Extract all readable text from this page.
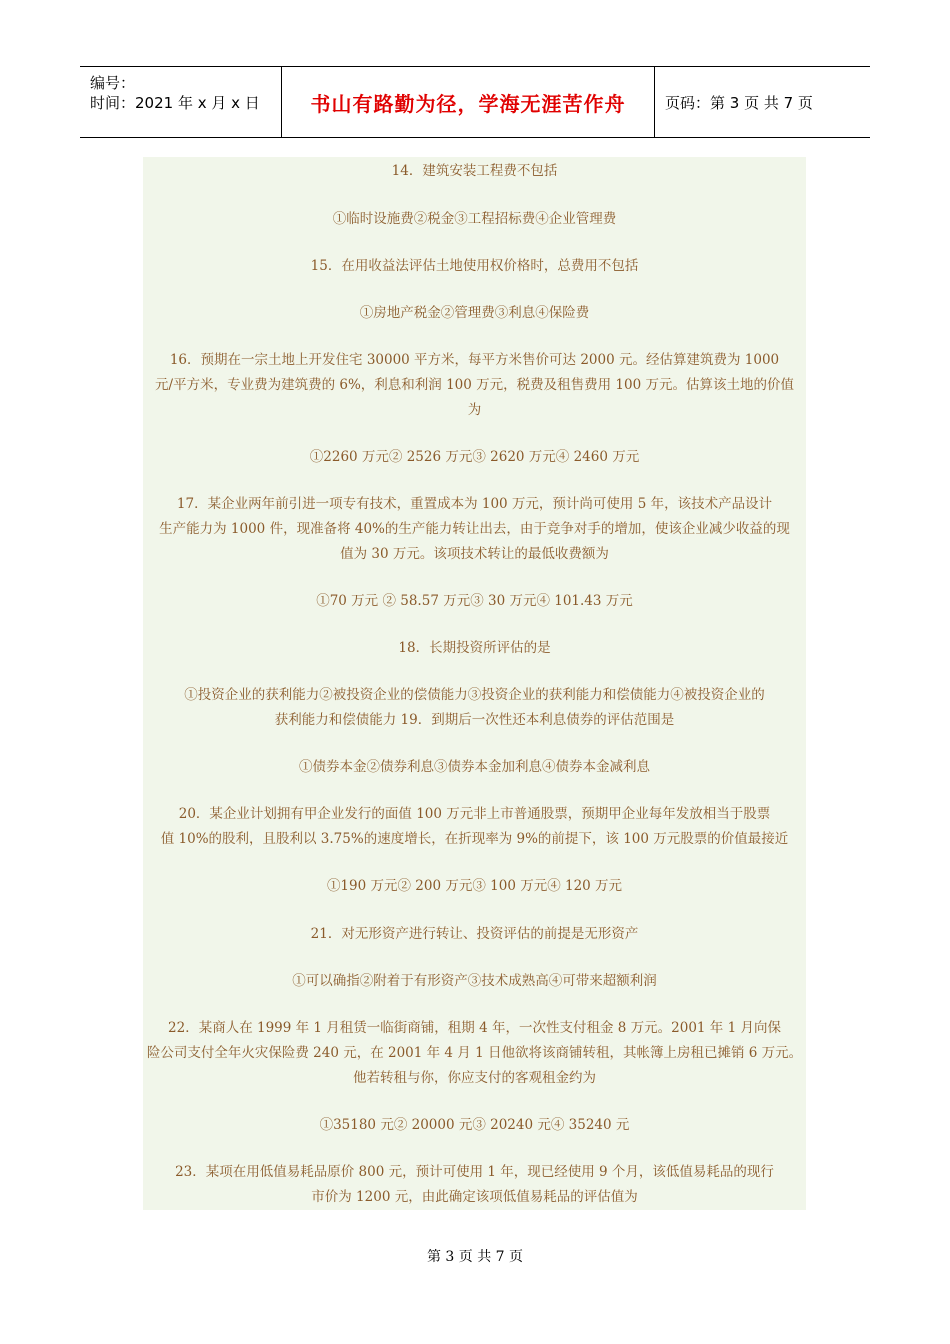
编号：
时间：2021 年 x 月 x 日	书山有路勤为径，学海无涯苦作舟	页码：第 3 页 共 7 页
14．建筑安装工程费不包括
①临时设施费②税金③工程招标费④企业管理费
15．在用收益法评估土地使用权价格时，总费用不包括
①房地产税金②管理费③利息④保险费
16．预期在一宗土地上开发住宅 30000 平方米，每平方米售价可达 2000 元。经估算建筑费为 1000
元/平方米，专业费为建筑费的 6%，利息和利润 100 万元，税费及租售费用 100 万元。估算该土地的价值
为
①2260 万元② 2526 万元③ 2620 万元④ 2460 万元
17．某企业两年前引进一项专有技术，重置成本为 100 万元，预计尚可使用 5 年，该技术产品设计
生产能力为 1000 件，现准备将 40%的生产能力转让出去，由于竞争对手的增加，使该企业减少收益的现
值为 30 万元。该项技术转让的最低收费额为
①70 万元 ② 58.57 万元③ 30 万元④ 101.43 万元
18．长期投资所评估的是
①投资企业的获利能力②被投资企业的偿债能力③投资企业的获利能力和偿债能力④被投资企业的
获利能力和偿债能力 19．到期后一次性还本利息债券的评估范围是
①债券本金②债券利息③债券本金加利息④债券本金减利息
20．某企业计划拥有甲企业发行的面值 100 万元非上市普通股票，预期甲企业每年发放相当于股票
值 10%的股利，且股利以 3.75%的速度增长，在折现率为 9%的前提下，该 100 万元股票的价值最接近
①190 万元② 200 万元③ 100 万元④ 120 万元
21．对无形资产进行转让、投资评估的前提是无形资产
①可以确指②附着于有形资产③技术成熟高④可带来超额利润
22．某商人在 1999 年 1 月租赁一临街商铺，租期 4 年，一次性支付租金 8 万元。2001 年 1 月向保
险公司支付全年火灾保险费 240 元，在 2001 年 4 月 1 日他欲将该商铺转租，其帐簿上房租已摊销 6 万元。
他若转租与你，你应支付的客观租金约为
①35180 元② 20000 元③ 20240 元④ 35240 元
23．某项在用低值易耗品原价 800 元，预计可使用 1 年，现已经使用 9 个月，该低值易耗品的现行
市价为 1200 元，由此确定该项低值易耗品的评估值为
第 3 页 共 7 页
